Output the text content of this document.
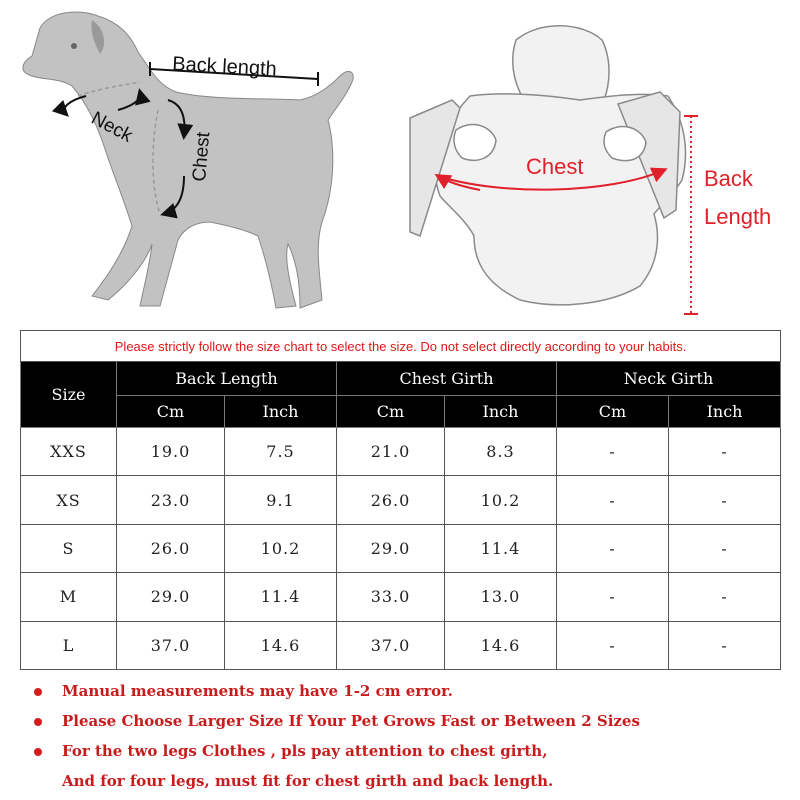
Back length
Neck
Chest	Chest	Back
Length
Please strictly follow the size chart to select the size. Do not select directly according to your habits.						
Size	Back Length		Chest Girth		Neck Girth	
	Cm	Inch	Cm	Inch	Cm	Inch
XXS	19.0	7.5	21.0	8.3	-	-
XS	23.0	9.1	26.0	10.2	-	-
S	26.0	10.2	29.0	11.4	-	-
M	29.0	11.4	33.0	13.0	-	-
L	37.0	14.6	37.0	14.6	-	-
Manual measurements may have 1-2 cm error.
Please Choose Larger Size If Your Pet Grows Fast or Between 2 Sizes
For the two legs Clothes , pls pay attention to chest girth,
And for four legs, must fit for chest girth and back length.
